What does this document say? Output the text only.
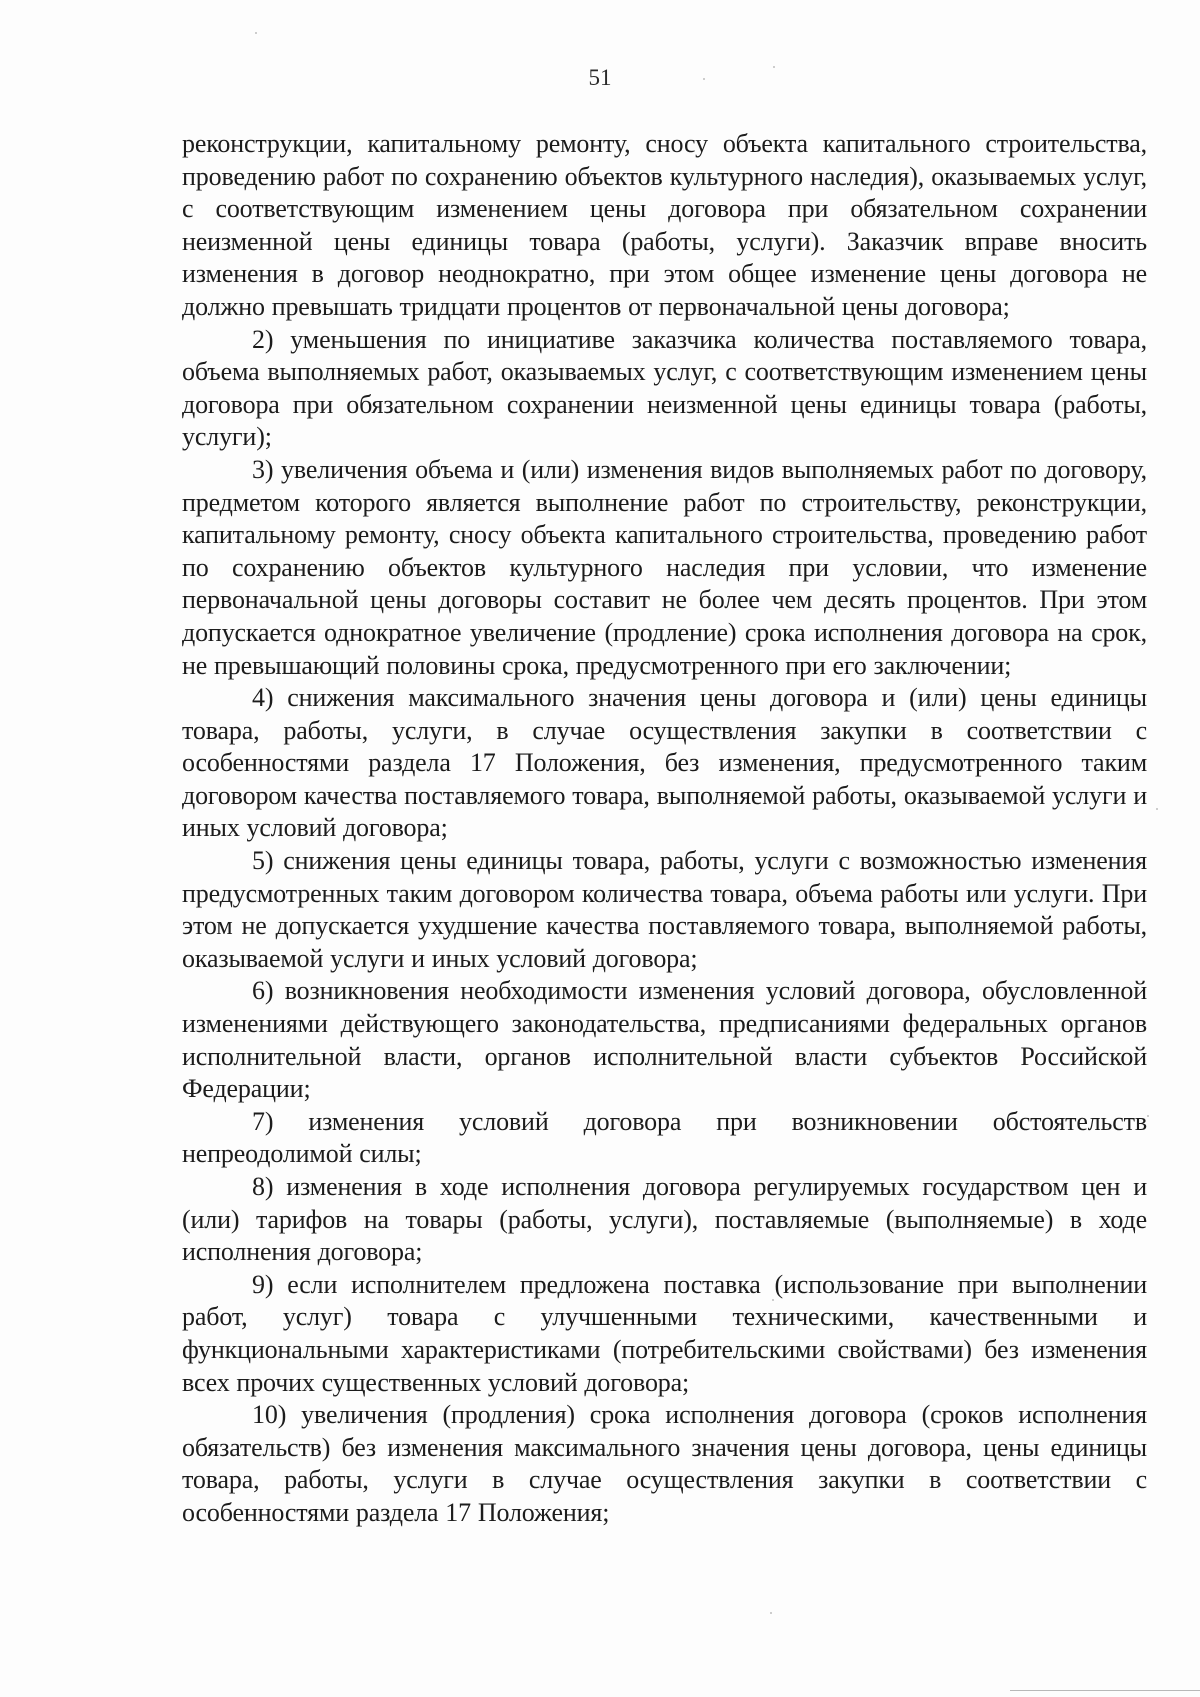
51

реконструкции, капитальному ремонту, сносу объекта капитального строительства, проведению работ по сохранению объектов культурного наследия), оказываемых услуг, с соответствующим изменением цены договора при обязательном сохранении неизменной цены единицы товара (работы, услуги). Заказчик вправе вносить изменения в договор неоднократно, при этом общее изменение цены договора не должно превышать тридцати процентов от первоначальной цены договора;

2) уменьшения по инициативе заказчика количества поставляемого товара, объема выполняемых работ, оказываемых услуг, с соответствующим изменением цены договора при обязательном сохранении неизменной цены единицы товара (работы, услуги);

3) увеличения объема и (или) изменения видов выполняемых работ по договору, предметом которого является выполнение работ по строительству, реконструкции, капитальному ремонту, сносу объекта капитального строительства, проведению работ по сохранению объектов культурного наследия при условии, что изменение первоначальной цены договоры составит не более чем десять процентов. При этом допускается однократное увеличение (продление) срока исполнения договора на срок, не превышающий половины срока, предусмотренного при его заключении;

4) снижения максимального значения цены договора и (или) цены единицы товара, работы, услуги, в случае осуществления закупки в соответствии с особенностями раздела 17 Положения, без изменения, предусмотренного таким договором качества поставляемого товара, выполняемой работы, оказываемой услуги и иных условий договора;

5) снижения цены единицы товара, работы, услуги с возможностью изменения предусмотренных таким договором количества товара, объема работы или услуги. При этом не допускается ухудшение качества поставляемого товара, выполняемой работы, оказываемой услуги и иных условий договора;

6) возникновения необходимости изменения условий договора, обусловленной изменениями действующего законодательства, предписаниями федеральных органов исполнительной власти, органов исполнительной власти субъектов Российской Федерации;

7) изменения условий договора при возникновении обстоятельств непреодолимой силы;

8) изменения в ходе исполнения договора регулируемых государством цен и (или) тарифов на товары (работы, услуги), поставляемые (выполняемые) в ходе исполнения договора;

9) если исполнителем предложена поставка (использование при выполнении работ, услуг) товара с улучшенными техническими, качественными и функциональными характеристиками (потребительскими свойствами) без изменения всех прочих существенных условий договора;

10) увеличения (продления) срока исполнения договора (сроков исполнения обязательств) без изменения максимального значения цены договора, цены единицы товара, работы, услуги в случае осуществления закупки в соответствии с особенностями раздела 17 Положения;
